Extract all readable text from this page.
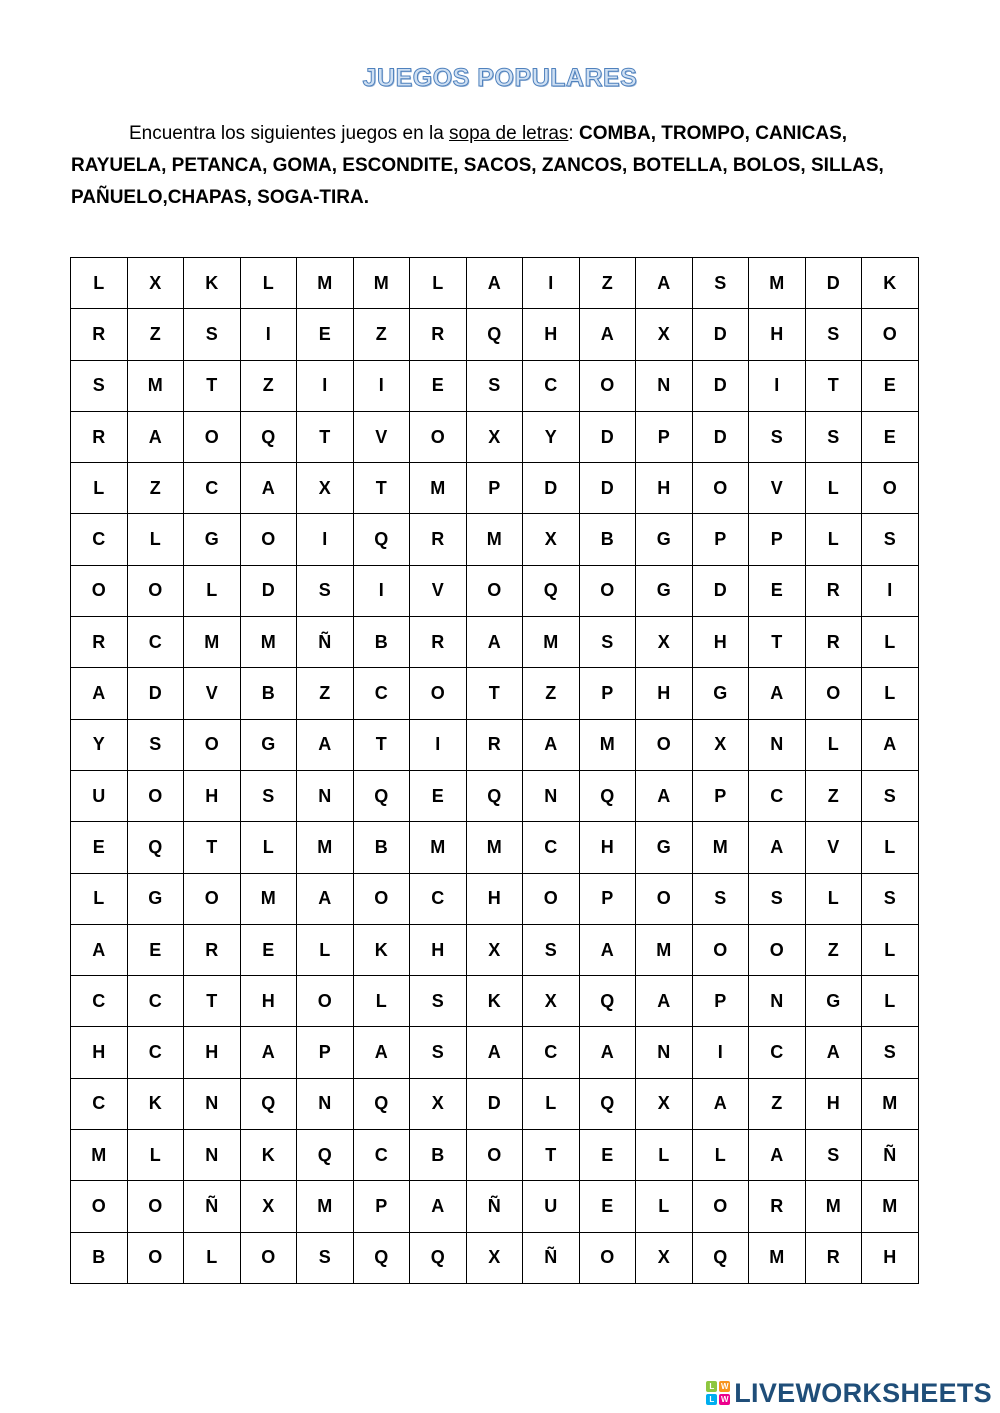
JUEGOS POPULARES
Encuentra los siguientes juegos en la sopa de letras: COMBA, TROMPO, CANICAS, RAYUELA, PETANCA, GOMA, ESCONDITE, SACOS, ZANCOS, BOTELLA, BOLOS, SILLAS, PAÑUELO,CHAPAS, SOGA-TIRA.
L	X	K	L	M	M	L	A	I	Z	A	S	M	D	K
R	Z	S	I	E	Z	R	Q	H	A	X	D	H	S	O
S	M	T	Z	I	I	E	S	C	O	N	D	I	T	E
R	A	O	Q	T	V	O	X	Y	D	P	D	S	S	E
L	Z	C	A	X	T	M	P	D	D	H	O	V	L	O
C	L	G	O	I	Q	R	M	X	B	G	P	P	L	S
O	O	L	D	S	I	V	O	Q	O	G	D	E	R	I
R	C	M	M	Ñ	B	R	A	M	S	X	H	T	R	L
A	D	V	B	Z	C	O	T	Z	P	H	G	A	O	L
Y	S	O	G	A	T	I	R	A	M	O	X	N	L	A
U	O	H	S	N	Q	E	Q	N	Q	A	P	C	Z	S
E	Q	T	L	M	B	M	M	C	H	G	M	A	V	L
L	G	O	M	A	O	C	H	O	P	O	S	S	L	S
A	E	R	E	L	K	H	X	S	A	M	O	O	Z	L
C	C	T	H	O	L	S	K	X	Q	A	P	N	G	L
H	C	H	A	P	A	S	A	C	A	N	I	C	A	S
C	K	N	Q	N	Q	X	D	L	Q	X	A	Z	H	M
M	L	N	K	Q	C	B	O	T	E	L	L	A	S	Ñ
O	O	Ñ	X	M	P	A	Ñ	U	E	L	O	R	M	M
B	O	L	O	S	Q	Q	X	Ñ	O	X	Q	M	R	H
L W
L W LIVEWORKSHEETS
